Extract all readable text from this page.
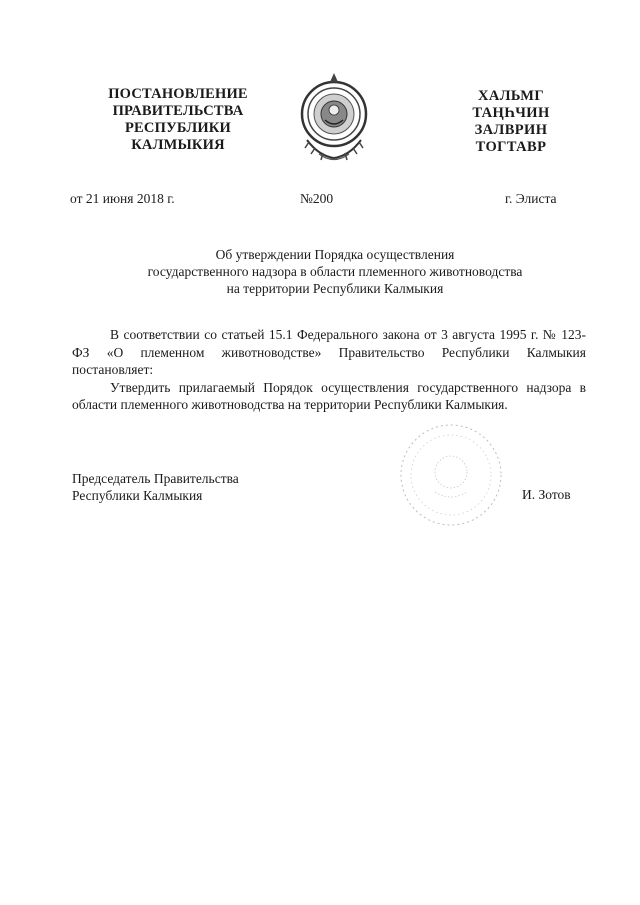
ПОСТАНОВЛЕНИЕ
ПРАВИТЕЛЬСТВА
РЕСПУБЛИКИ
КАЛМЫКИЯ
ХАЛЬМГ
ТАҢҺЧИН
ЗАЛВРИН
ТОГТАВР
от 21 июня 2018 г.	№200	г. Элиста
Об утверждении Порядка осуществления
государственного надзора в области племенного животноводства
на территории Республики Калмыкия

В соответствии со статьей 15.1 Федерального закона от 3 августа 1995 г. № 123-ФЗ «О племенном животноводстве» Правительство Республики Калмыкия постановляет:

Утвердить прилагаемый Порядок осуществления государственного надзора в области племенного животноводства на территории Республики Калмыкия.

Председатель Правительства
Республики Калмыкия	И. Зотов
